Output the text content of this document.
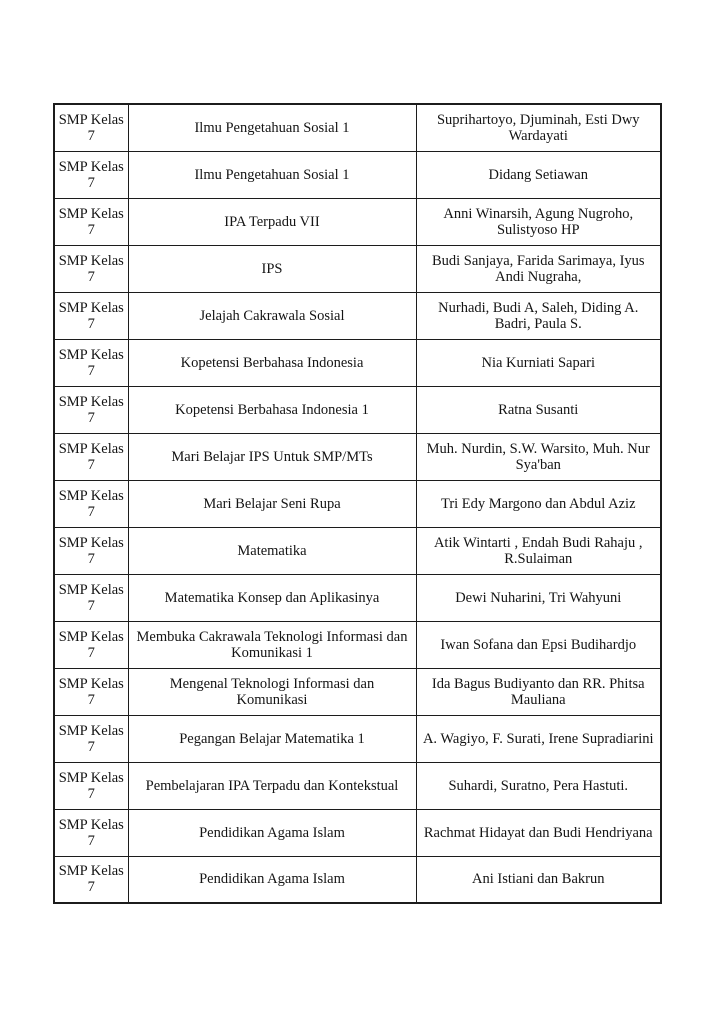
SMP Kelas 7	Ilmu Pengetahuan Sosial 1	Suprihartoyo, Djuminah, Esti Dwy Wardayati
SMP Kelas 7	Ilmu Pengetahuan Sosial 1	Didang Setiawan
SMP Kelas 7	IPA Terpadu VII	Anni Winarsih, Agung Nugroho, Sulistyoso HP
SMP Kelas 7	IPS	Budi Sanjaya, Farida Sarimaya, Iyus Andi Nugraha,
SMP Kelas 7	Jelajah Cakrawala Sosial	Nurhadi, Budi A, Saleh, Diding A. Badri, Paula S.
SMP Kelas 7	Kopetensi Berbahasa Indonesia	Nia Kurniati Sapari
SMP Kelas 7	Kopetensi Berbahasa Indonesia 1	Ratna Susanti
SMP Kelas 7	Mari Belajar IPS Untuk SMP/MTs	Muh. Nurdin, S.W. Warsito, Muh. Nur Sya'ban
SMP Kelas 7	Mari Belajar Seni Rupa	Tri Edy Margono dan Abdul Aziz
SMP Kelas 7	Matematika	Atik Wintarti , Endah Budi Rahaju , R.Sulaiman
SMP Kelas 7	Matematika Konsep dan Aplikasinya	Dewi Nuharini, Tri Wahyuni
SMP Kelas 7	Membuka Cakrawala Teknologi Informasi dan Komunikasi 1	Iwan Sofana dan Epsi Budihardjo
SMP Kelas 7	Mengenal Teknologi Informasi dan Komunikasi	Ida Bagus Budiyanto dan RR. Phitsa Mauliana
SMP Kelas 7	Pegangan Belajar Matematika 1	A. Wagiyo, F. Surati, Irene Supradiarini
SMP Kelas 7	Pembelajaran IPA Terpadu dan Kontekstual	Suhardi, Suratno, Pera Hastuti.
SMP Kelas 7	Pendidikan Agama Islam	Rachmat Hidayat dan Budi Hendriyana
SMP Kelas 7	Pendidikan Agama Islam	Ani Istiani dan Bakrun
